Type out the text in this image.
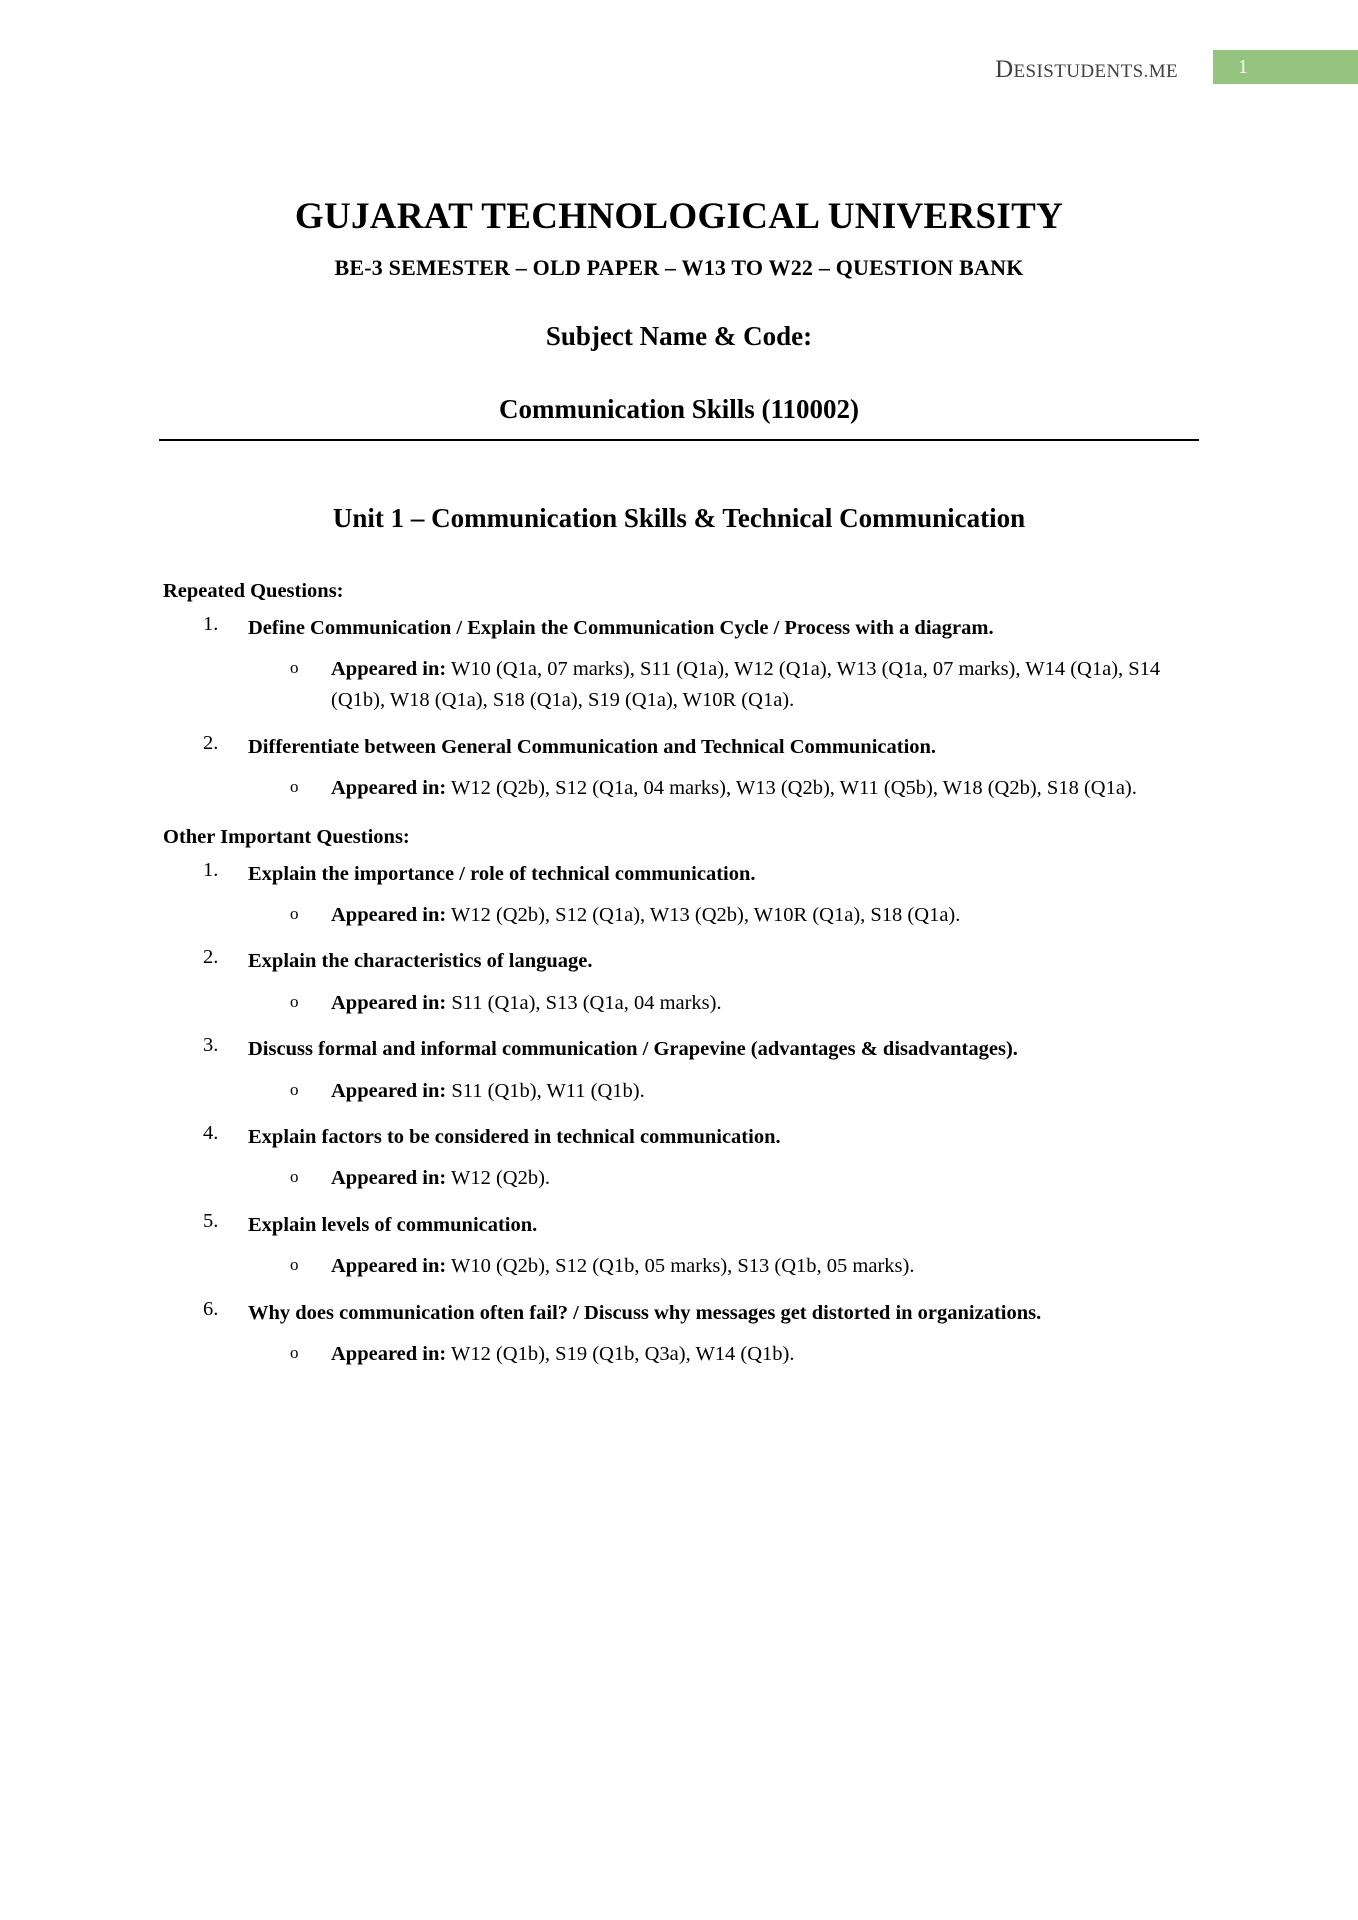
DESISTUDENTS.ME	1
GUJARAT TECHNOLOGICAL UNIVERSITY
BE-3 SEMESTER – OLD PAPER – W13 TO W22 – QUESTION BANK
Subject Name & Code:
Communication Skills (110002)
Unit 1 – Communication Skills & Technical Communication
Repeated Questions:
1. Define Communication / Explain the Communication Cycle / Process with a diagram.
o Appeared in: W10 (Q1a, 07 marks), S11 (Q1a), W12 (Q1a), W13 (Q1a, 07 marks), W14 (Q1a), S14 (Q1b), W18 (Q1a), S18 (Q1a), S19 (Q1a), W10R (Q1a).
2. Differentiate between General Communication and Technical Communication.
o Appeared in: W12 (Q2b), S12 (Q1a, 04 marks), W13 (Q2b), W11 (Q5b), W18 (Q2b), S18 (Q1a).
Other Important Questions:
1. Explain the importance / role of technical communication.
o Appeared in: W12 (Q2b), S12 (Q1a), W13 (Q2b), W10R (Q1a), S18 (Q1a).
2. Explain the characteristics of language.
o Appeared in: S11 (Q1a), S13 (Q1a, 04 marks).
3. Discuss formal and informal communication / Grapevine (advantages & disadvantages).
o Appeared in: S11 (Q1b), W11 (Q1b).
4. Explain factors to be considered in technical communication.
o Appeared in: W12 (Q2b).
5. Explain levels of communication.
o Appeared in: W10 (Q2b), S12 (Q1b, 05 marks), S13 (Q1b, 05 marks).
6. Why does communication often fail? / Discuss why messages get distorted in organizations.
o Appeared in: W12 (Q1b), S19 (Q1b, Q3a), W14 (Q1b).
